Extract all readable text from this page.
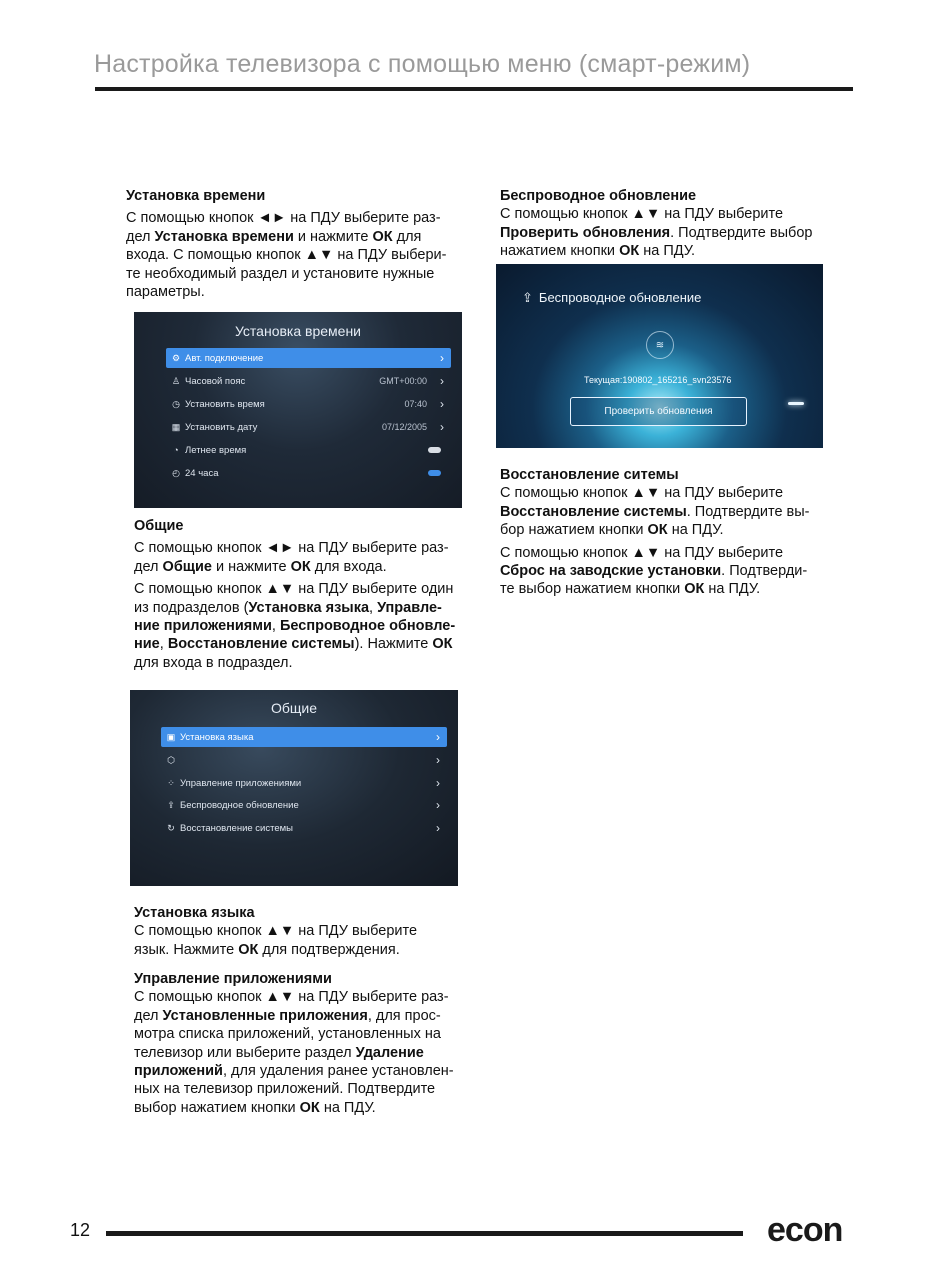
Настройка телевизора с помощью меню (смарт-режим)

Установка времени

С помощью кнопок ◄► на ПДУ выберите раз-
дел Установка времени и нажмите ОК для
входа. С помощью кнопок ▲▼ на ПДУ выбери-
те необходимый раздел и установите нужные
параметры.

Установка времени
⚙ Авт. подключение	›
♙ Часовой пояс	GMT+00:00	›
◷ Установить время	07:40	›
▦ Установить дату	07/12/2005	›
◔ Летнее время
◴ 24 часа

Общие

С помощью кнопок ◄► на ПДУ выберите раз-
дел Общие и нажмите ОК для входа.

С помощью кнопок ▲▼ на ПДУ выберите один
из подразделов (Установка языка, Управле-
ние приложениями, Беспроводное обновле-
ние, Восстановление системы). Нажмите ОК
для входа в подраздел.

Общие
▣ Установка языка	›
⬡	›
⁘ Управление приложениями	›
⇪ Беспроводное обновление	›
↻ Восстановление системы	›

Установка языка

С помощью кнопок ▲▼ на ПДУ выберите
язык. Нажмите ОК для подтверждения.

Управление приложениями

С помощью кнопок ▲▼ на ПДУ выберите раз-
дел Установленные приложения, для прос-
мотра списка приложений, установленных на
телевизор или выберите раздел Удаление
приложений, для удаления ранее установлен-
ных на телевизор приложений. Подтвердите
выбор нажатием кнопки ОК на ПДУ.

Беспроводное обновление

С помощью кнопок ▲▼ на ПДУ выберите
Проверить обновления. Подтвердите выбор
нажатием кнопки ОК на ПДУ.

⇪ Беспроводное обновление
≋
Текущая:190802_165216_svn23576
Проверить обновления

Восстановление ситемы

С помощью кнопок ▲▼ на ПДУ выберите
Восстановление системы. Подтвердите вы-
бор нажатием кнопки ОК на ПДУ.

С помощью кнопок ▲▼ на ПДУ выберите
Сброс на заводские установки. Подтверди-
те выбор нажатием кнопки ОК на ПДУ.

12	econ
